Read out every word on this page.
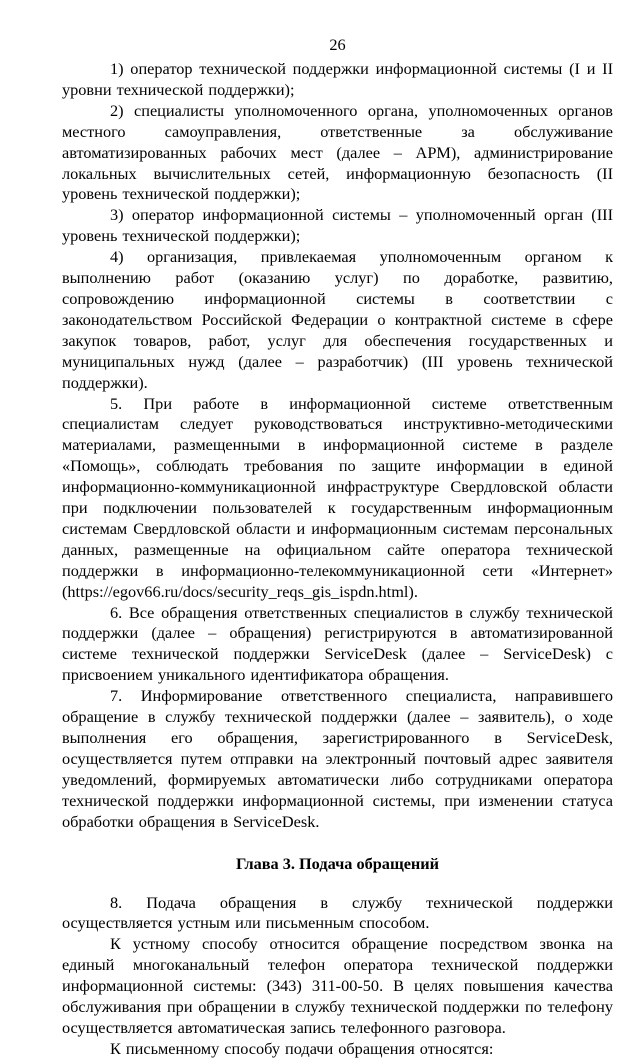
26

1) оператор технической поддержки информационной системы (I и II уровни технической поддержки);

2) специалисты уполномоченного органа, уполномоченных органов местного самоуправления, ответственные за обслуживание автоматизированных рабочих мест (далее – АРМ), администрирование локальных вычислительных сетей, информационную безопасность (II уровень технической поддержки);

3) оператор информационной системы – уполномоченный орган (III уровень технической поддержки);

4) организация, привлекаемая уполномоченным органом к выполнению работ (оказанию услуг) по доработке, развитию, сопровождению информационной системы в соответствии с законодательством Российской Федерации о контрактной системе в сфере закупок товаров, работ, услуг для обеспечения государственных и муниципальных нужд (далее – разработчик) (III уровень технической поддержки).

5. При работе в информационной системе ответственным специалистам следует руководствоваться инструктивно-методическими материалами, размещенными в информационной системе в разделе «Помощь», соблюдать требования по защите информации в единой информационно-коммуникационной инфраструктуре Свердловской области при подключении пользователей к государственным информационным системам Свердловской области и информационным системам персональных данных, размещенные на официальном сайте оператора технической поддержки в информационно-телекоммуникационной сети «Интернет» (https://egov66.ru/docs/security_reqs_gis_ispdn.html).

6. Все обращения ответственных специалистов в службу технической поддержки (далее – обращения) регистрируются в автоматизированной системе технической поддержки ServiceDesk (далее – ServiceDesk) с присвоением уникального идентификатора обращения.

7. Информирование ответственного специалиста, направившего обращение в службу технической поддержки (далее – заявитель), о ходе выполнения его обращения, зарегистрированного в ServiceDesk, осуществляется путем отправки на электронный почтовый адрес заявителя уведомлений, формируемых автоматически либо сотрудниками оператора технической поддержки информационной системы, при изменении статуса обработки обращения в ServiceDesk.

Глава 3. Подача обращений

8. Подача обращения в службу технической поддержки осуществляется устным или письменным способом.

К устному способу относится обращение посредством звонка на единый многоканальный телефон оператора технической поддержки информационной системы: (343) 311-00-50. В целях повышения качества обслуживания при обращении в службу технической поддержки по телефону осуществляется автоматическая запись телефонного разговора.

К письменному способу подачи обращения относятся:
